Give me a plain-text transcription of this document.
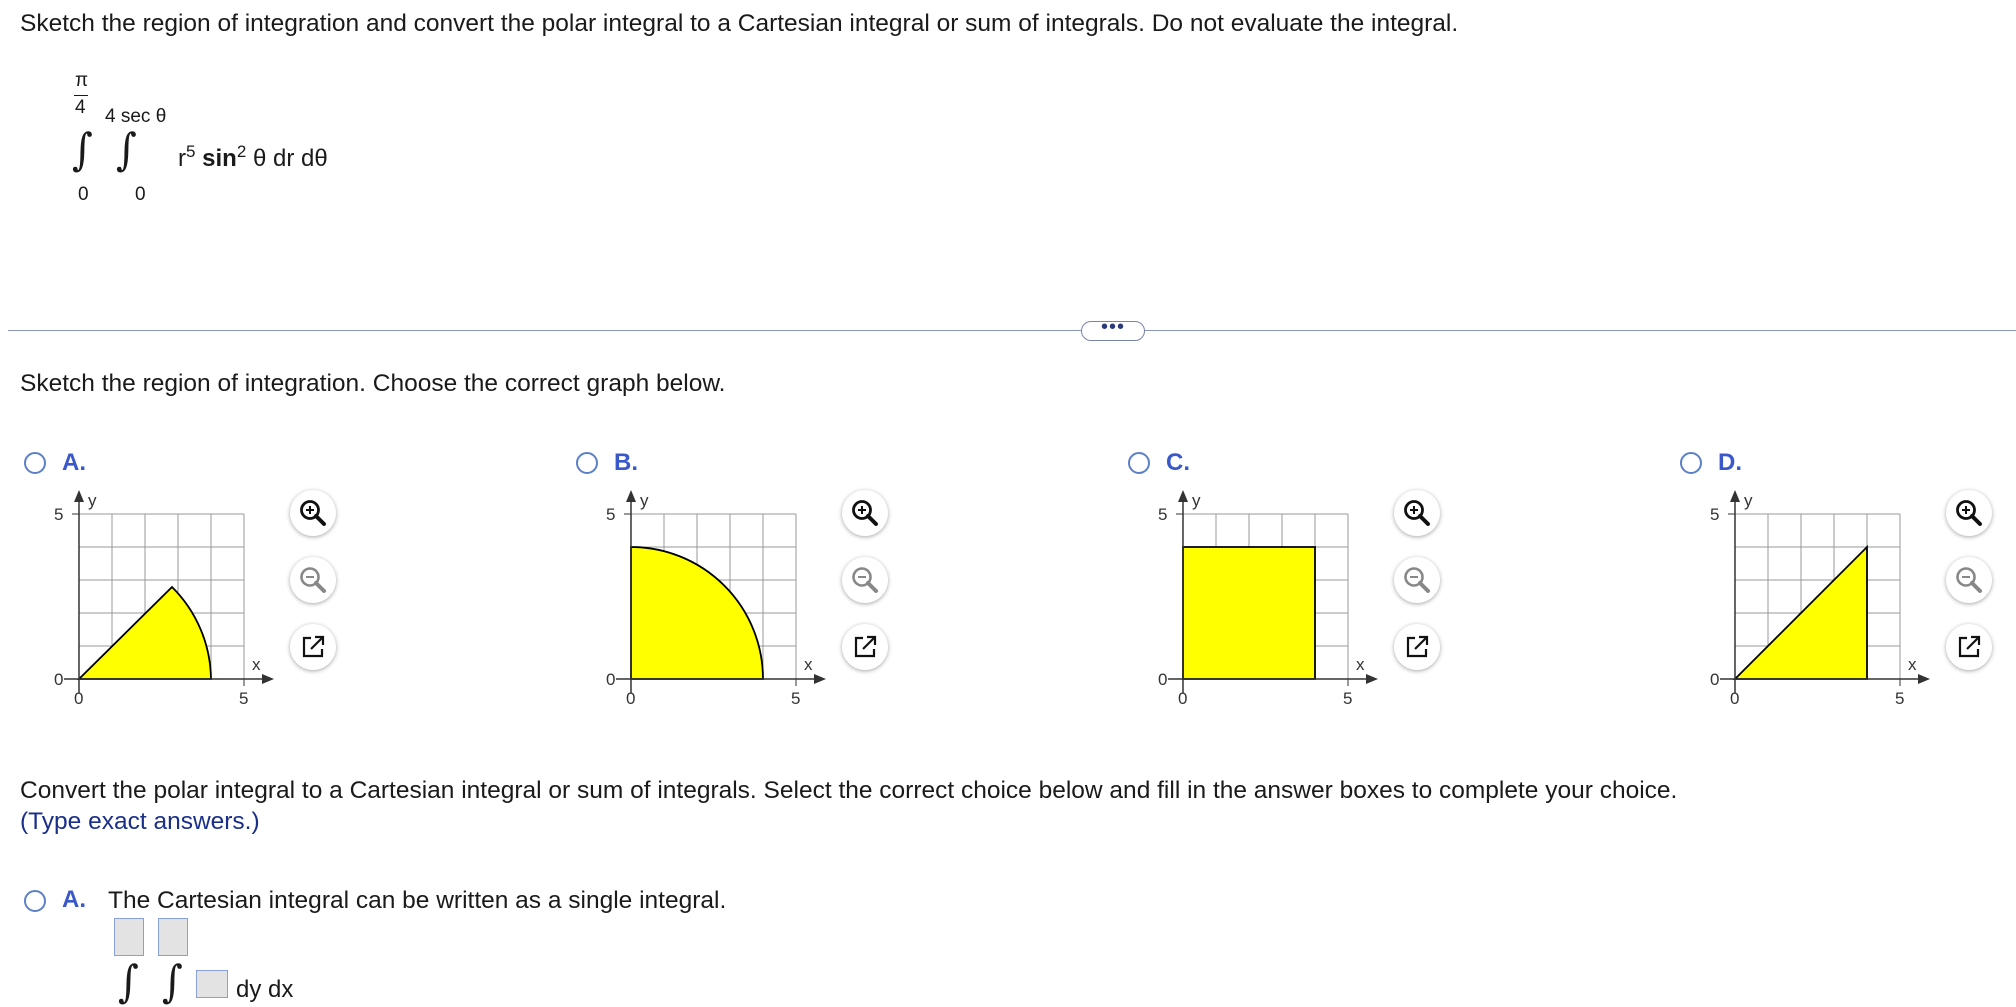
Sketch the region of integration and convert the polar integral to a Cartesian integral or sum of integrals. Do not evaluate the integral.
π
4 4 sec θ
∫ ∫
0 0
$r^5$ $\sin^2 \theta$ dr dθ
•••
Sketch the region of integration. Choose the correct graph below.
A.
y
x
5
0
0	5
B.
y
x
5
0
0	5
C.
y
x
5
0
0	5
D.
y
x
5
0
0	5
Convert the polar integral to a Cartesian integral or sum of integrals. Select the correct choice below and fill in the answer boxes to complete your choice.
(Type exact answers.)
A. The Cartesian integral can be written as a single integral.
∫ ∫ dy dx
